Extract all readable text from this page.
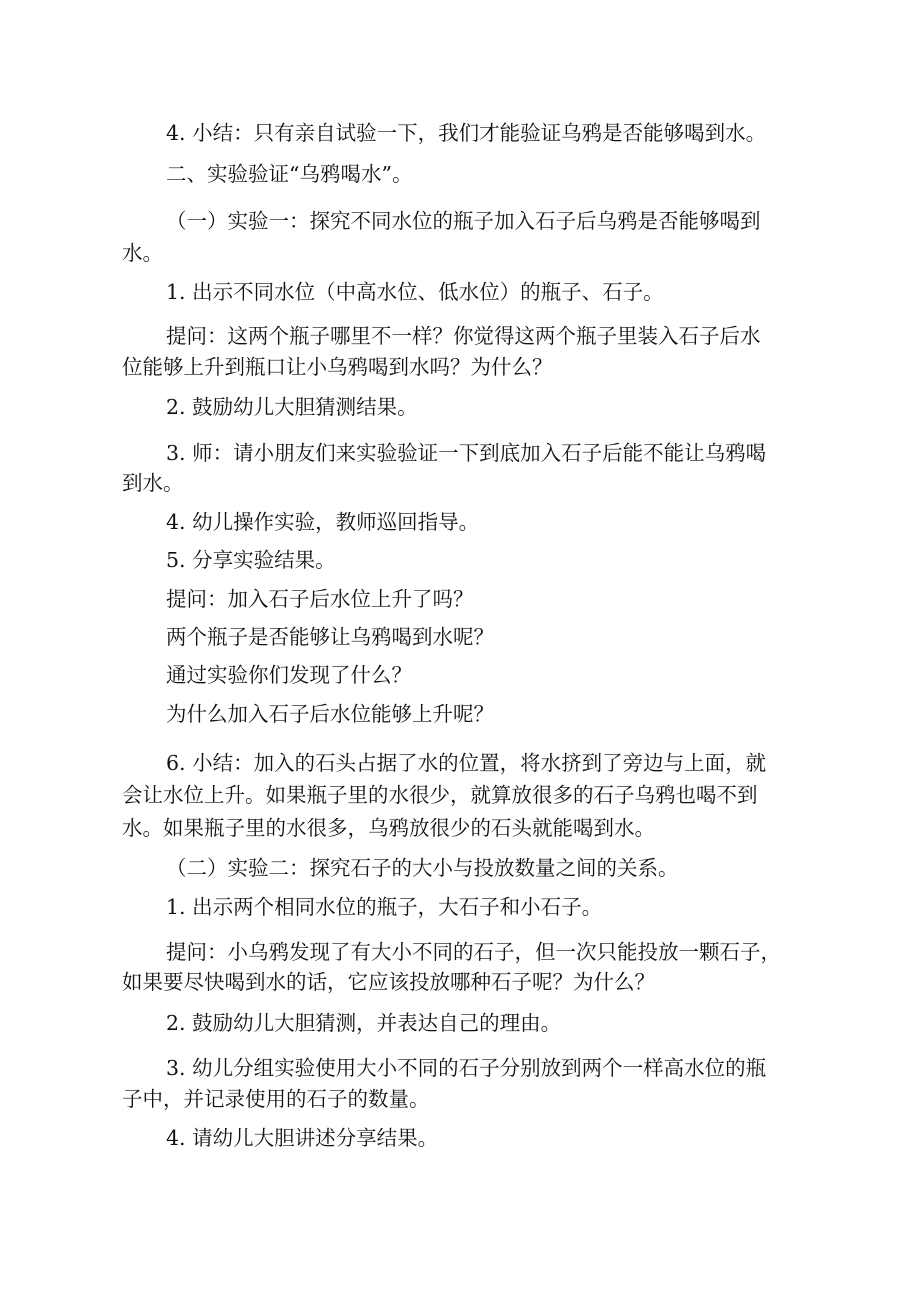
4. 小结：只有亲自试验一下，我们才能验证乌鸦是否能够喝到水。
二、实验验证“乌鸦喝水”。
（一）实验一：探究不同水位的瓶子加入石子后乌鸦是否能够喝到
水。
1. 出示不同水位（中高水位、低水位）的瓶子、石子。
提问：这两个瓶子哪里不一样？你觉得这两个瓶子里装入石子后水
位能够上升到瓶口让小乌鸦喝到水吗？为什么？
2. 鼓励幼儿大胆猜测结果。
3. 师：请小朋友们来实验验证一下到底加入石子后能不能让乌鸦喝
到水。
4. 幼儿操作实验，教师巡回指导。
5. 分享实验结果。
提问：加入石子后水位上升了吗？
两个瓶子是否能够让乌鸦喝到水呢？
通过实验你们发现了什么？
为什么加入石子后水位能够上升呢？
6. 小结：加入的石头占据了水的位置，将水挤到了旁边与上面，就
会让水位上升。如果瓶子里的水很少，就算放很多的石子乌鸦也喝不到
水。如果瓶子里的水很多，乌鸦放很少的石头就能喝到水。
（二）实验二：探究石子的大小与投放数量之间的关系。
1. 出示两个相同水位的瓶子，大石子和小石子。
提问：小乌鸦发现了有大小不同的石子，但一次只能投放一颗石子，
如果要尽快喝到水的话，它应该投放哪种石子呢？为什么？
2. 鼓励幼儿大胆猜测，并表达自己的理由。
3. 幼儿分组实验使用大小不同的石子分别放到两个一样高水位的瓶
子中，并记录使用的石子的数量。
4. 请幼儿大胆讲述分享结果。
